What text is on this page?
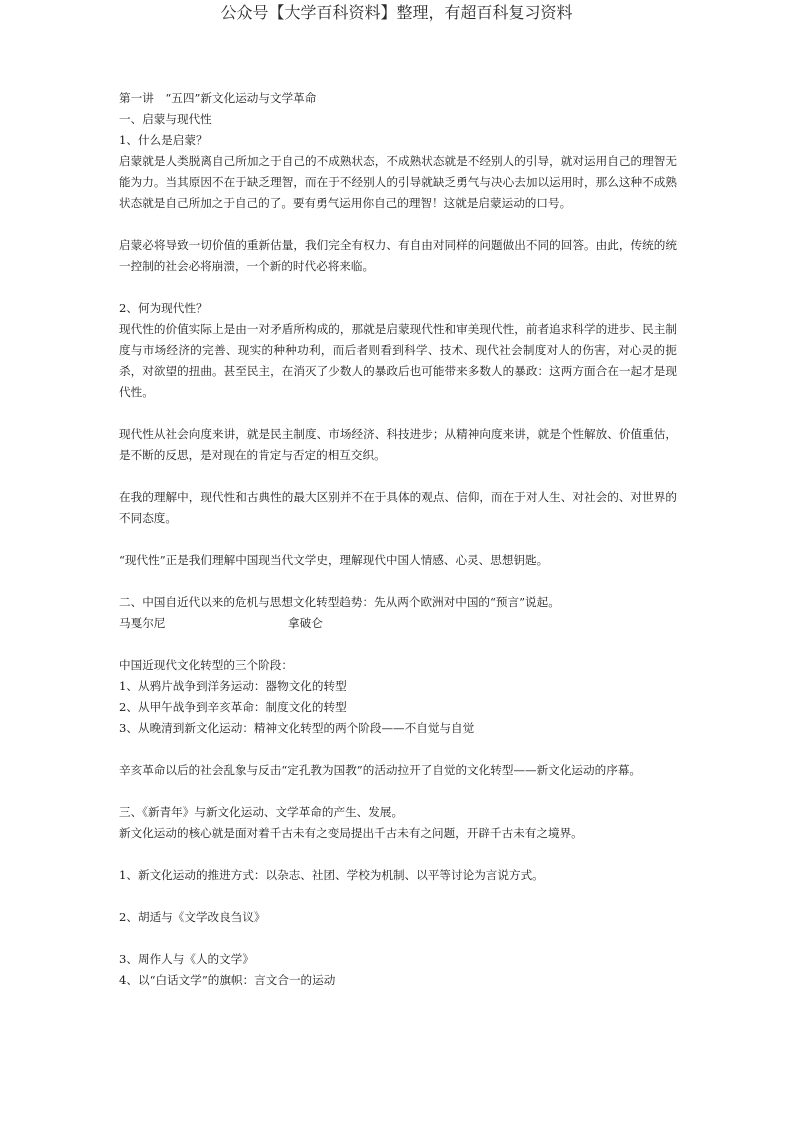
公众号【大学百科资料】整理，有超百科复习资料
第一讲　“五四”新文化运动与文学革命
一、启蒙与现代性
1、什么是启蒙？
启蒙就是人类脱离自己所加之于自己的不成熟状态，不成熟状态就是不经别人的引导，就对运用自己的理智无能为力。当其原因不在于缺乏理智，而在于不经别人的引导就缺乏勇气与决心去加以运用时，那么这种不成熟状态就是自己所加之于自己的了。要有勇气运用你自己的理智！这就是启蒙运动的口号。
启蒙必将导致一切价值的重新估量，我们完全有权力、有自由对同样的问题做出不同的回答。由此，传统的统一控制的社会必将崩溃，一个新的时代必将来临。
2、何为现代性？
现代性的价值实际上是由一对矛盾所构成的，那就是启蒙现代性和审美现代性，前者追求科学的进步、民主制度与市场经济的完善、现实的种种功利，而后者则看到科学、技术、现代社会制度对人的伤害，对心灵的扼杀，对欲望的扭曲。甚至民主，在消灭了少数人的暴政后也可能带来多数人的暴政：这两方面合在一起才是现代性。
现代性从社会向度来讲，就是民主制度、市场经济、科技进步；从精神向度来讲，就是个性解放、价值重估，是不断的反思，是对现在的肯定与否定的相互交织。
在我的理解中，现代性和古典性的最大区别并不在于具体的观点、信仰，而在于对人生、对社会的、对世界的不同态度。
“现代性”正是我们理解中国现当代文学史，理解现代中国人情感、心灵、思想钥匙。
二、中国自近代以来的危机与思想文化转型趋势：先从两个欧洲对中国的“预言”说起。
马戛尔尼	拿破仑
中国近现代文化转型的三个阶段：
1、从鸦片战争到洋务运动：器物文化的转型
2、从甲午战争到辛亥革命：制度文化的转型
3、从晚清到新文化运动：精神文化转型的两个阶段——不自觉与自觉
辛亥革命以后的社会乱象与反击“定孔教为国教”的活动拉开了自觉的文化转型——新文化运动的序幕。
三、《新青年》与新文化运动、文学革命的产生、发展。
新文化运动的核心就是面对着千古未有之变局提出千古未有之问题，开辟千古未有之境界。
1、新文化运动的推进方式：以杂志、社团、学校为机制、以平等讨论为言说方式。
2、胡适与《文学改良刍议》
3、周作人与《人的文学》
4、以“白话文学”的旗帜：言文合一的运动
